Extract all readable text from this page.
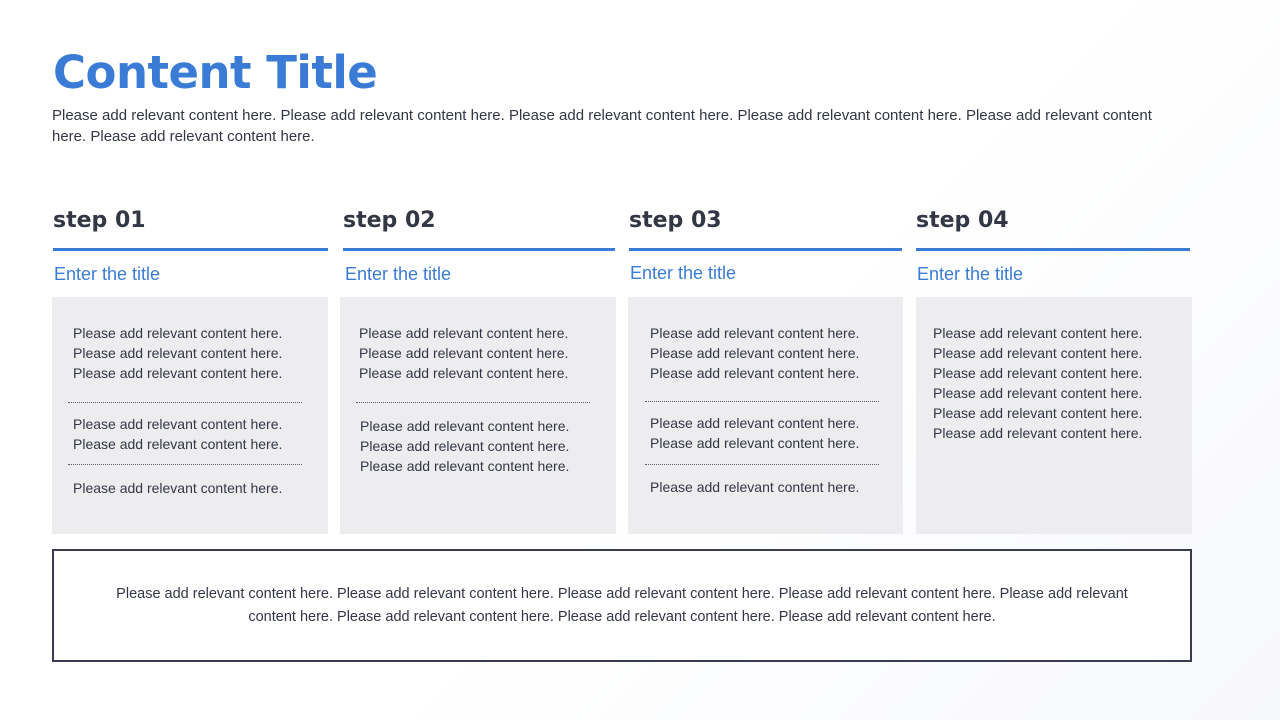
Content Title

Please add relevant content here. Please add relevant content here. Please add relevant content here. Please add relevant content here. Please add relevant content here. Please add relevant content here.

step 01
Enter the title
Please add relevant content here.
Please add relevant content here.
Please add relevant content here.
Please add relevant content here.
Please add relevant content here.
Please add relevant content here.
step 02
Enter the title
Please add relevant content here.
Please add relevant content here.
Please add relevant content here.
Please add relevant content here.
Please add relevant content here.
Please add relevant content here.
step 03
Enter the title
Please add relevant content here.
Please add relevant content here.
Please add relevant content here.
Please add relevant content here.
Please add relevant content here.
Please add relevant content here.
step 04
Enter the title
Please add relevant content here.
Please add relevant content here.
Please add relevant content here.
Please add relevant content here.
Please add relevant content here.
Please add relevant content here.

Please add relevant content here. Please add relevant content here. Please add relevant content here. Please add relevant content here. Please add relevant content here. Please add relevant content here. Please add relevant content here. Please add relevant content here.
